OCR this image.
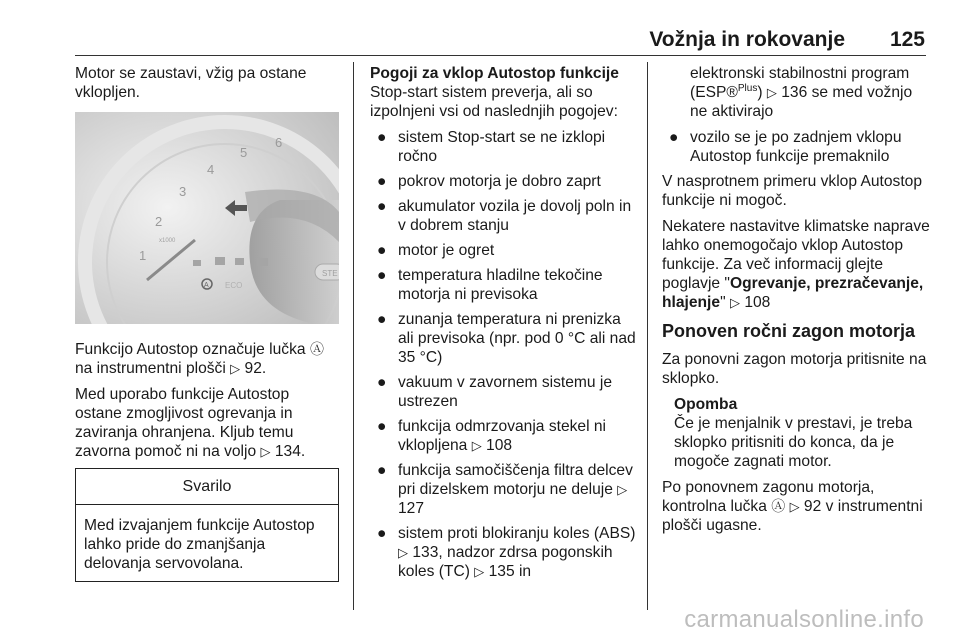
Vožnja in rokovanje 125

Motor se zaustavi, vžig pa ostane vklopljen.

1
2
3
4
5
6
x1000
A ECO
STE

Funkcijo Autostop označuje lučka Ⓐ na instrumentni plošči ▷ 92.

Med uporabo funkcije Autostop ostane zmogljivost ogrevanja in zaviranja ohranjena. Kljub temu zavorna pomoč ni na voljo ▷ 134.

Svarilo
Med izvajanjem funkcije Autostop lahko pride do zmanjšanja delovanja servovolana.

Pogoji za vklop Autostop funkcije

Stop-start sistem preverja, ali so izpolnjeni vsi od naslednjih pogojev:

● sistem Stop-start se ne izklopi ročno
● pokrov motorja je dobro zaprt
● akumulator vozila je dovolj poln in v dobrem stanju
● motor je ogret
● temperatura hladilne tekočine motorja ni previsoka
● zunanja temperatura ni prenizka ali previsoka (npr. pod 0 °C ali nad 35 °C)
● vakuum v zavornem sistemu je ustrezen
● funkcija odmrzovanja stekel ni vklopljena ▷ 108
● funkcija samočiščenja filtra delcev pri dizelskem motorju ne deluje ▷ 127
● sistem proti blokiranju koles (ABS) ▷ 133, nadzor zdrsa pogonskih koles (TC) ▷ 135 in

elektronski stabilnostni program (ESP®$^{Plus}$) ▷ 136 se med vožnjo ne aktivirajo

● vozilo se je po zadnjem vklopu Autostop funkcije premaknilo

V nasprotnem primeru vklop Autostop funkcije ni mogoč.

Nekatere nastavitve klimatske naprave lahko onemogočajo vklop Autostop funkcije. Za več informacij glejte poglavje "Ogrevanje, prezračevanje, hlajenje" ▷ 108

Ponoven ročni zagon motorja

Za ponovni zagon motorja pritisnite na sklopko.

Opomba
Če je menjalnik v prestavi, je treba sklopko pritisniti do konca, da je mogoče zagnati motor.

Po ponovnem zagonu motorja, kontrolna lučka Ⓐ ▷ 92 v instrumentni plošči ugasne.

carmanualsonline.info
